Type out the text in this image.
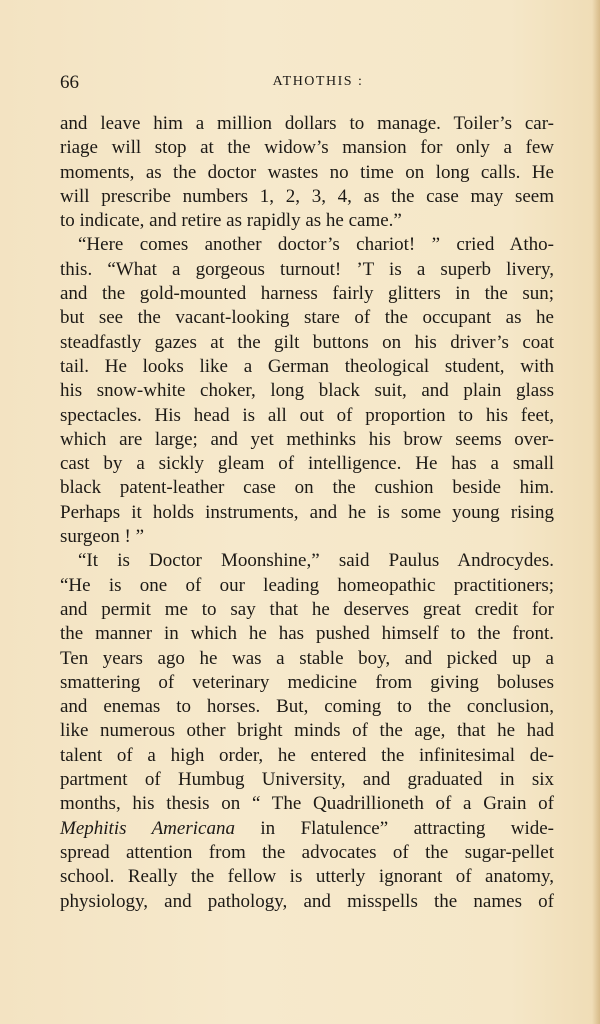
66	ATHOTHIS :
and leave him a million dollars to manage. Toiler’s car-
riage will stop at the widow’s mansion for only a few
moments, as the doctor wastes no time on long calls. He
will prescribe numbers 1, 2, 3, 4, as the case may seem
to indicate, and retire as rapidly as he came.”
“Here comes another doctor’s chariot! ” cried Atho-
this. “What a gorgeous turnout! ’T is a superb livery,
and the gold-mounted harness fairly glitters in the sun;
but see the vacant-looking stare of the occupant as he
steadfastly gazes at the gilt buttons on his driver’s coat
tail. He looks like a German theological student, with
his snow-white choker, long black suit, and plain glass
spectacles. His head is all out of proportion to his feet,
which are large; and yet methinks his brow seems over-
cast by a sickly gleam of intelligence. He has a small
black patent-leather case on the cushion beside him.
Perhaps it holds instruments, and he is some young rising
surgeon ! ”
“It is Doctor Moonshine,” said Paulus Androcydes.
“He is one of our leading homeopathic practitioners;
and permit me to say that he deserves great credit for
the manner in which he has pushed himself to the front.
Ten years ago he was a stable boy, and picked up a
smattering of veterinary medicine from giving boluses
and enemas to horses. But, coming to the conclusion,
like numerous other bright minds of the age, that he had
talent of a high order, he entered the infinitesimal de-
partment of Humbug University, and graduated in six
months, his thesis on “ The Quadrillioneth of a Grain of
Mephitis Americana in Flatulence” attracting wide-
spread attention from the advocates of the sugar-pellet
school. Really the fellow is utterly ignorant of anatomy,
physiology, and pathology, and misspells the names of
